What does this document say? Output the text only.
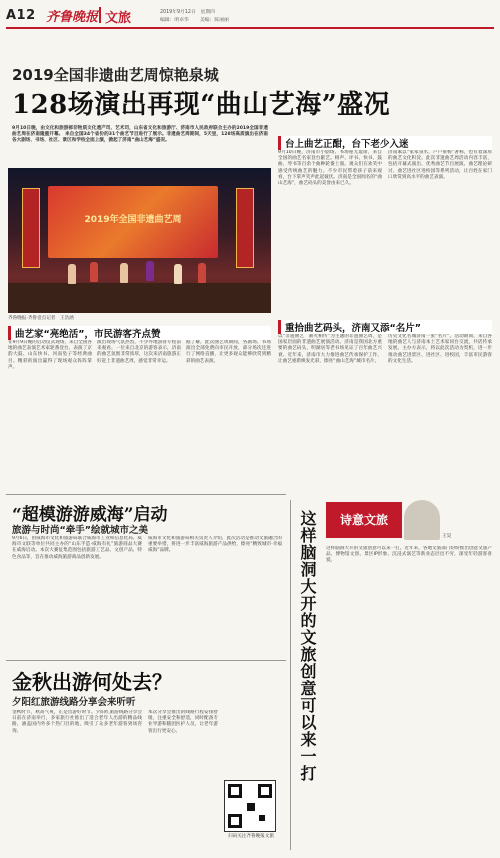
A12 齐鲁晚报 文旅	2019年9月12日　星期四
编辑：明卓华 美编：陈丽丽
2019全国非遗曲艺周惊艳泉城
128场演出再现“曲山艺海”盛况
9月10日晚，由文化和旅游部非物质文化遗产司、艺术司，山东省文化和旅游厅、济南市人民政府联合主办的2019全国非遗曲艺周在济南隆重开幕。 来自全国34个省份的31个曲艺节目进行了展示。非遗曲艺周期间，5天里，128场高质演出在济南各大剧场、书场、社区、景区和学校全面上演，掀起了济南“曲山艺海”盛况。
2019年全国非遗曲艺周
齐鲁晚报·齐鲁壹点记者　王浩涵
台上曲艺正酣，台下老少入迷
9月10日晚，济南市小剧场、书场座无虚席，来自全国的曲艺名家登台献艺。相声、评书、快书、鼓曲、琴书等百余个曲种轮番上演。观众们在欢笑中感受传统曲艺的魅力。不少市民带着孩子前来观看，台下掌声笑声此起彼伏。济南是全国闻名的“曲山艺海”，曲艺码头的美誉由来已久。
济南素以“家家泉水，户户垂杨”著称，也有着深厚的曲艺文化积淀。此次非遗曲艺周活动内容丰富，包括开幕式演出、优秀曲艺节目展演、曲艺理论研讨、曲艺进社区进校园等系列活动，让百姓在家门口欣赏到高水平的曲艺表演。
重拾曲艺码头，济南又添“名片”
以“非遗曲艺　薪火相传”为主题的非遗曲艺周，是国家层面的非遗曲艺展演活动。济南是我国北方重要的曲艺码头，明湖居等老书场见证了百年曲艺兴衰。近年来，济南市大力推进曲艺传承保护工作，让曲艺重新焕发光彩，擦亮“曲山艺海”城市名片。
历史文化名城济南一张“名片”。活动期间，来自各地的曲艺人与济南本土艺术家同台交流，共话传承发展。主办方表示，将以此次活动为契机，进一步推动曲艺进景区、进社区、进校园，丰富市民游客的文化生活。
曲艺家“亮绝活”，市民游客齐点赞
在9月9日晚的启动仪式现场，来自全国各地的曲艺表演艺术家轮番登台，表演了京韵大鼓、山东快书、河南坠子等经典曲目。精彩的演出赢得了现场观众阵阵掌声。
演出现场气氛热烈，不少外地游客专程前来观看。一位来自北京的游客表示，济南的曲艺氛围非常浓厚，这次来济南旅游正好赶上非遗曲艺周，感觉非常幸运。
据了解，此次曲艺周期间，各剧场、书场演出全部免费向市民开放，部分场次还进行了网络直播，让更多观众能够欣赏到精彩的曲艺表演。
“超模游游威海”启动
旅游与时尚“牵手”绘就城市之美
9月6日，由威海市文化和旅游局联合威海市工业和信息化局、威海市文联等单位共同主办的“山东手造·威海有礼”旅游商品大赛在威海启动。本次大赛征集范围包括旅游工艺品、文创产品、特色食品等，旨在推动威海旅游商品创新发展。
威海市文化和旅游局相关负责人介绍，此次活动是推动文旅融合的重要举措，将进一步丰富威海旅游产品供给，擦亮“精致城市·幸福威海”品牌。
金秋出游何处去？
夕阳红旅游线路分享会来听听
金秋时节，秋高气爽，正是出游好时节。夕阳红旅游线路分享会日前在济南举行，多家旅行社推出了适合老年人出游的精品线路，涵盖国内外多个热门目的地，吸引了众多老年游客到场咨询。
本次分享会推出的线路行程安排舒缓，注重安全和舒适，同时配备专业导游和随团医护人员，让老年游客出行更安心。
扫码关注齐鲁晚报文旅
这样脑洞大开的文旅创意可以来一打	诗意文旅
王昊
这样脑洞大开的文旅创意可以来一打。近年来，各地文旅部门纷纷推出创意文旅产品，博物馆文创、景区IP形象、沉浸式演艺等新业态层出不穷，深受年轻游客喜爱。
